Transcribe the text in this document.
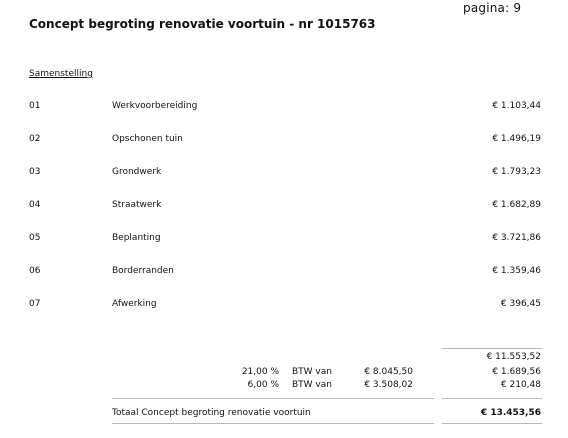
pagina: 9
Concept begroting renovatie voortuin - nr 1015763
Samenstelling
01	Werkvoorbereiding	€ 1.103,44
02	Opschonen tuin	€ 1.496,19
03	Grondwerk	€ 1.793,23
04	Straatwerk	€ 1.682,89
05	Beplanting	€ 3.721,86
06	Borderranden	€ 1.359,46
07	Afwerking	€ 396,45
€ 11.553,52
21,00 % BTW van	€ 8.045,50	€ 1.689,56
6,00 % BTW van	€ 3.508,02	€ 210,48
Totaal Concept begroting renovatie voortuin	€ 13.453,56
